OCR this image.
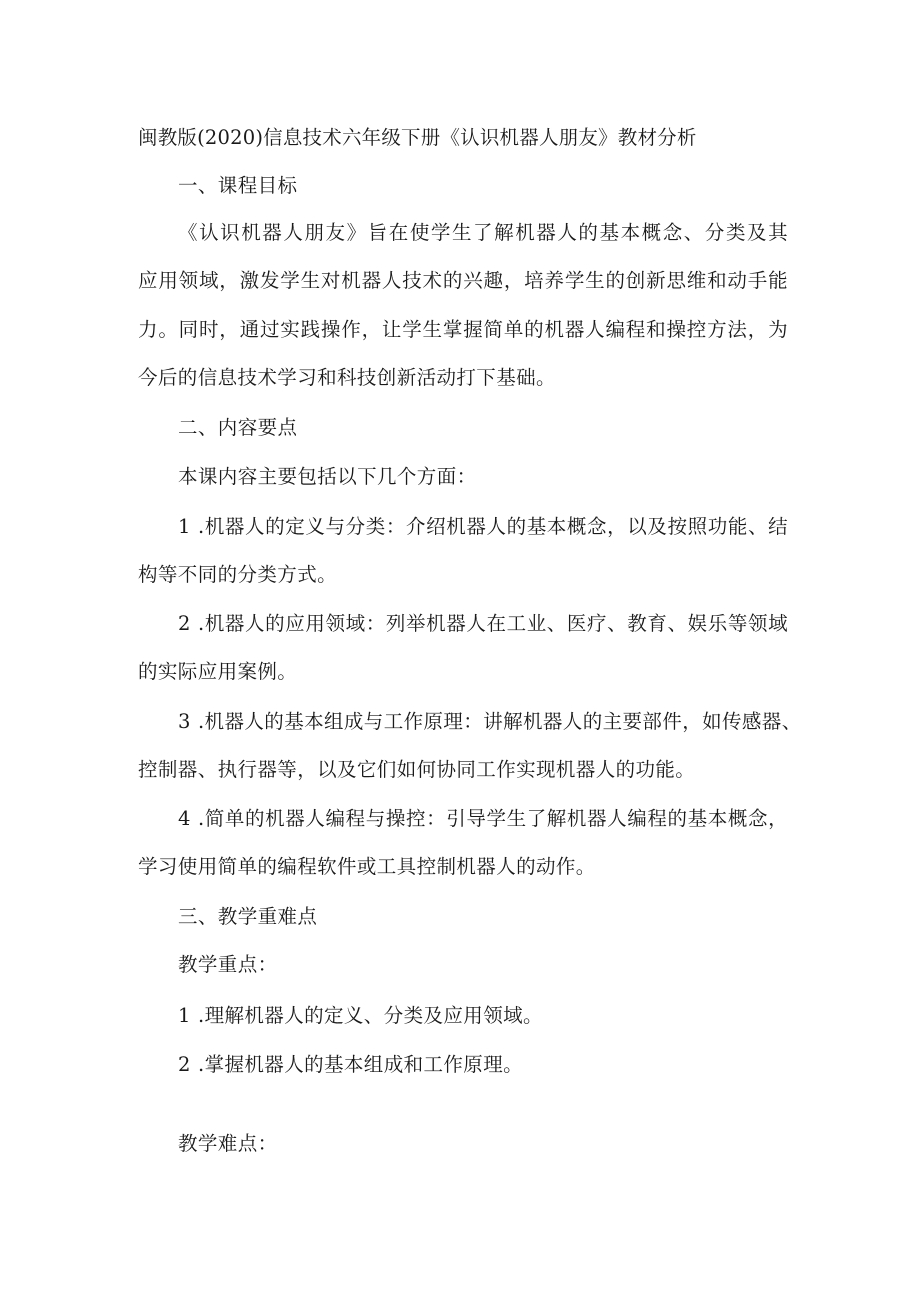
闽教版(2020)信息技术六年级下册《认识机器人朋友》教材分析
一、课程目标
《认识机器人朋友》旨在使学生了解机器人的基本概念、分类及其
应用领域，激发学生对机器人技术的兴趣，培养学生的创新思维和动手能
力。同时，通过实践操作，让学生掌握简单的机器人编程和操控方法，为
今后的信息技术学习和科技创新活动打下基础。
二、内容要点
本课内容主要包括以下几个方面：
1 .机器人的定义与分类：介绍机器人的基本概念，以及按照功能、结
构等不同的分类方式。
2 .机器人的应用领域：列举机器人在工业、医疗、教育、娱乐等领域
的实际应用案例。
3 .机器人的基本组成与工作原理：讲解机器人的主要部件，如传感器、
控制器、执行器等，以及它们如何协同工作实现机器人的功能。
4 .简单的机器人编程与操控：引导学生了解机器人编程的基本概念，
学习使用简单的编程软件或工具控制机器人的动作。
三、教学重难点
教学重点：
1 .理解机器人的定义、分类及应用领域。
2 .掌握机器人的基本组成和工作原理。
教学难点：
